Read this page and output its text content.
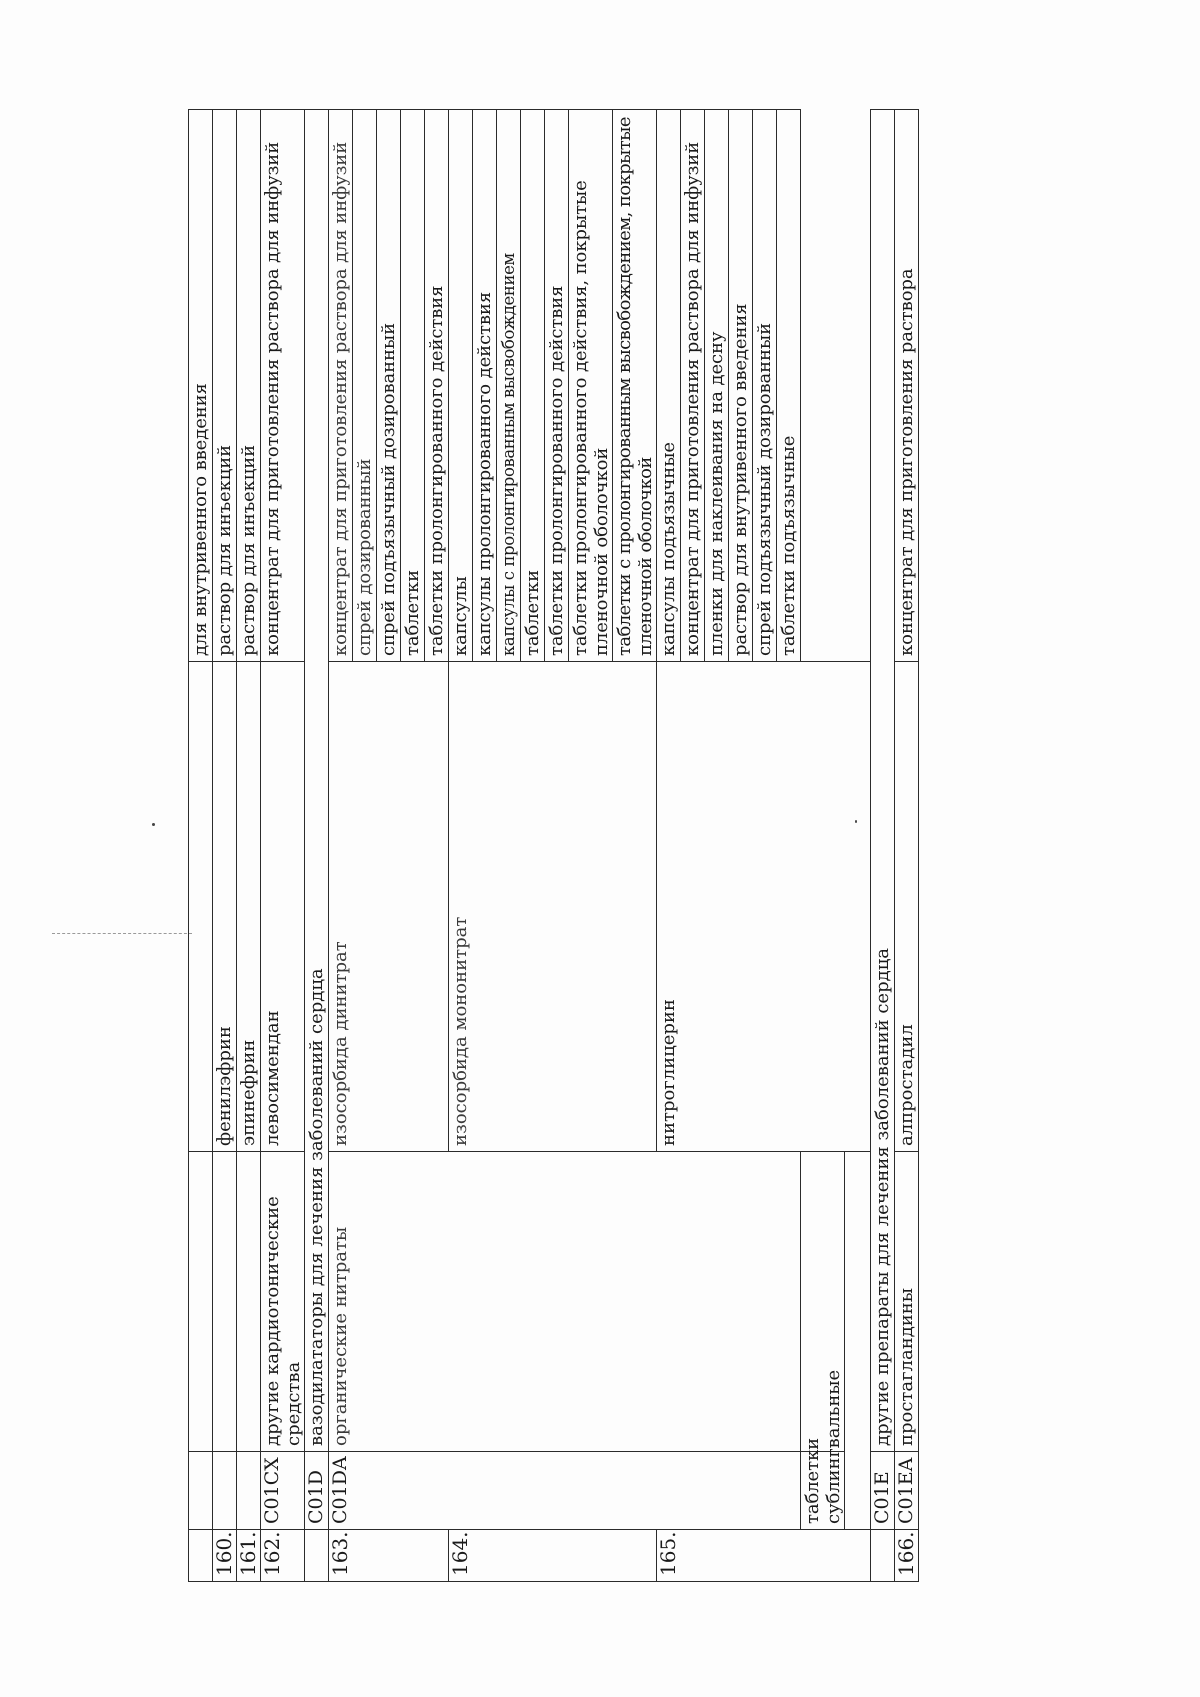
				для внутривенного введения
160.			фенилэфрин	раствор для инъекций
161.			эпинефрин	раствор для инъекций
162.	C01CX	другие кардиотонические средства	левосимендан	концентрат для приготовления раствора для инфузий
	C01D	вазодилататоры для лечения заболеваний сердца		
163.	C01DA	органические нитраты	изосорбида динитрат	концентрат для приготовления раствора для инфузий
				спрей дозированный
				спрей подъязычный дозированный
				таблетки
				таблетки пролонгированного действия
164.			изосорбида мононитрат	капсулы
				капсулы пролонгированного действия
				капсулы с пролонгированным высвобождением
				таблетки
				таблетки пролонгированного действия
				таблетки пролонгированного действия, покрытые пленочной оболочкой
				таблетки с пролонгированным высвобождением, покрытые пленочной оболочкой
165.			нитроглицерин	капсулы подъязычные
				концентрат для приготовления раствора для инфузий
				пленки для наклеивания на десну
				раствор для внутривенного введения
				спрей подъязычный дозированный
				таблетки подъязычные
	таблетки сублингвальные			

	C01E	другие препараты для лечения заболеваний сердца		
166.	C01EA	простагландины	алпростадил	концентрат для приготовления раствора
